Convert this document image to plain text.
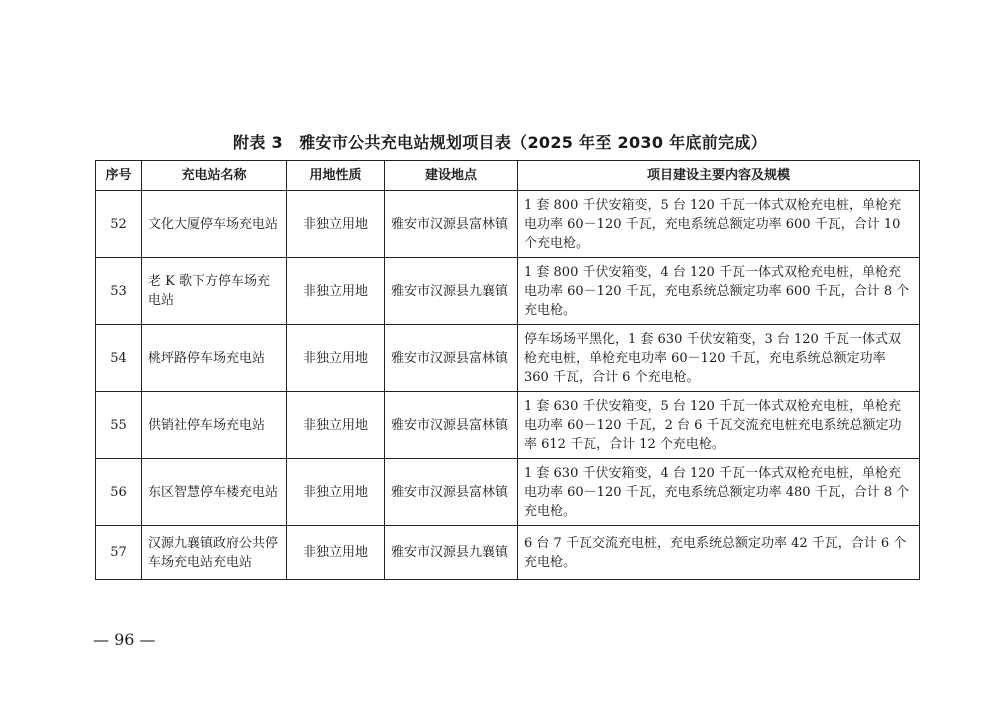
附表 3　雅安市公共充电站规划项目表（2025 年至 2030 年底前完成）
序号	充电站名称	用地性质	建设地点	项目建设主要内容及规模
52	文化大厦停车场充电站	非独立用地	雅安市汉源县富林镇	1 套 800 千伏安箱变，5 台 120 千瓦一体式双枪充电桩，单枪充电功率 60－120 千瓦，充电系统总额定功率 600 千瓦，合计 10 个充电枪。
53	老 K 歌下方停车场充电站	非独立用地	雅安市汉源县九襄镇	1 套 800 千伏安箱变，4 台 120 千瓦一体式双枪充电桩，单枪充电功率 60－120 千瓦，充电系统总额定功率 600 千瓦，合计 8 个充电枪。
54	桃坪路停车场充电站	非独立用地	雅安市汉源县富林镇	停车场场平黑化，1 套 630 千伏安箱变，3 台 120 千瓦一体式双枪充电桩，单枪充电功率 60－120 千瓦，充电系统总额定功率 360 千瓦，合计 6 个充电枪。
55	供销社停车场充电站	非独立用地	雅安市汉源县富林镇	1 套 630 千伏安箱变，5 台 120 千瓦一体式双枪充电桩，单枪充电功率 60－120 千瓦，2 台 6 千瓦交流充电桩充电系统总额定功率 612 千瓦，合计 12 个充电枪。
56	东区智慧停车楼充电站	非独立用地	雅安市汉源县富林镇	1 套 630 千伏安箱变，4 台 120 千瓦一体式双枪充电桩，单枪充电功率 60－120 千瓦，充电系统总额定功率 480 千瓦，合计 8 个充电枪。
57	汉源九襄镇政府公共停车场充电站充电站	非独立用地	雅安市汉源县九襄镇	6 台 7 千瓦交流充电桩，充电系统总额定功率 42 千瓦，合计 6 个充电枪。
— 96 —
